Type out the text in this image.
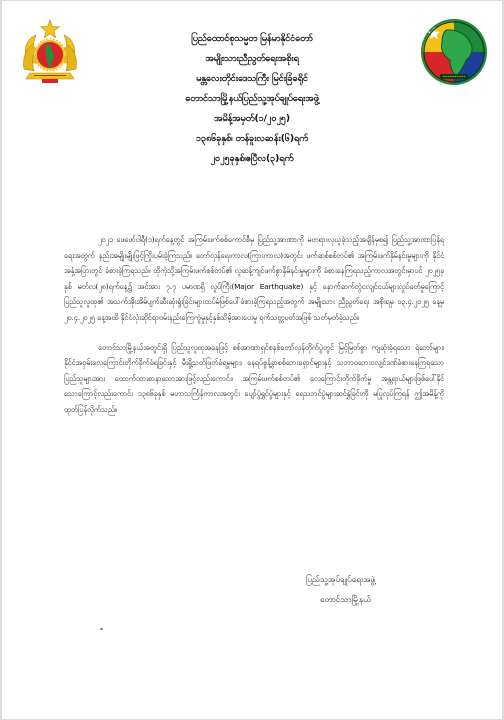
ပြည်ထောင်စုသမ္မတ မြန်မာနိုင်ငံတော်
အမျိုးသားညီညွတ်ရေးအစိုးရ
မန္တလေးတိုင်းဒေသကြီး မြင်းခြံခရိုင်
တောင်သာမြို့နယ်ပြည်သူ့အုပ်ချုပ်ရေးအဖွဲ့
အမိန့်အမှတ်(၁/၂၀၂၅)
၁၃၈၆ခုနှစ်၊ တန်ခူးလဆန်း(၆)ရက်
၂၀၂၅ခုနှစ်၊ဧပြီလ(၃)ရက်

၂၀၂၁ ဖေဖော်ဝါရီ(၁)ရက်နေ့တွင် အကြမ်းဖက်စစ်ကောင်စီမှ ပြည်သူ့အာဏာကို မတရားလုယူခဲ့သည့်အချိန်မှစ၍ ပြည်သူ့အာဏာပြန်ရရေးအတွက် နည်းအမျိုးမျိုးဖြင့်ကြိုးပမ်းခဲ့ကြသည်။ တော်လှန်ရေးကာလ(ကြားကာလ)အတွင်း ဖက်ဆစ်စစ်တပ်၏ အကြမ်းဖက်နှိမ်နင်းမှုများကို နိုင်ငံအနှံ့အပြားတွင် ခံစားခဲ့ကြရသည်။ ထိုကဲ့သို့အကြမ်းဖက်စစ်တပ်၏ လူဆန့်ကျင်ဖက်စွာနှိမ်နင်းမှုများကို ခံစားနေကြရသည့်ကာလအတွင်းမှာပင် ၂၀၂၅ခုနှစ် မတ်လ(၂၈)ရက်နေ့၌ အင်အား ၇.၇ ပမာဏရှိ လှုပ်ကြီး(Major Earthquake) နှင့် နောက်ဆက်တွဲငလျင်ငယ်များလှုပ်ခတ်မှုကြောင့် ပြည်သူလူထု၏ အသက်အိုးအိမ်ပျက်ဆီးဆုံးရှုံးခြင်းများထပ်မံဖြစ်ပေါ်ခံစားခဲ့ကြရသည့်အတွက် အမျိုးသား ညီညွတ်ရေး အစိုးရမှ ၁၃.၄.၂၀၂၅ နေ့မှ ၂၀.၄.၂၀၂၅ နေ့အထိ နိုင်ငံလုံးဆိုင်ရာဝမ်းနည်းကြေကွဲမှုနှင့်နှစ်သိမ့်အားပေးမှု ရက်သတ္တပတ်အဖြစ် သတ်မှတ်ခဲ့သည်။

တောင်သာမြို့နယ်အတွင်းရှိ ပြည်သူလူထုအနေဖြင့် စစ်အာဏာရှင်စနစ်တော်လှန်တိုက်ပွဲတွင် မြင့်မြတ်စွာ ကျဆုံးခဲ့ရသော ရဲဘော်များ၊ နိုင်ငံအဝှမ်းလေကြောင်းတိုက်ခိုက်ခံရခြင်းနှင့် မီးရှို့သတ်ဖြတ်ခံရမှုများ၊ နေရပ်စွန့်ခွာစစ်ဘေးရှောင်များနှင့် သဘာဝဘေးငလျင်ဒဏ်ခံစားနေကြရသော ပြည်သူများအား ထောက်ထားစာနာသောအားဖြင့်လည်းကောင်း၊ အကြမ်းဖက်စစ်တပ်၏ လေကြောင်းတိုက်ခိုက်မှု အန္တရာယ်များဖြစ်ပေါ်နိုင်သောကြောင့်လည်းကောင်း ၁၃၈၆ခုနှစ် မဟာသင်္ကြန်ကာလအတွင်း ပျော်ပွဲရွှင်ပွဲများနှင့် ရေသဘင်ပွဲများဆင်နွှဲခြင်းကို မပြုလုပ်ကြရန် ဤအမိန့်ကို ထုတ်ပြန်လိုက်သည်။

ပြည်သူ့အုပ်ချုပ်ရေးအဖွဲ့
တောင်သာမြို့နယ်
